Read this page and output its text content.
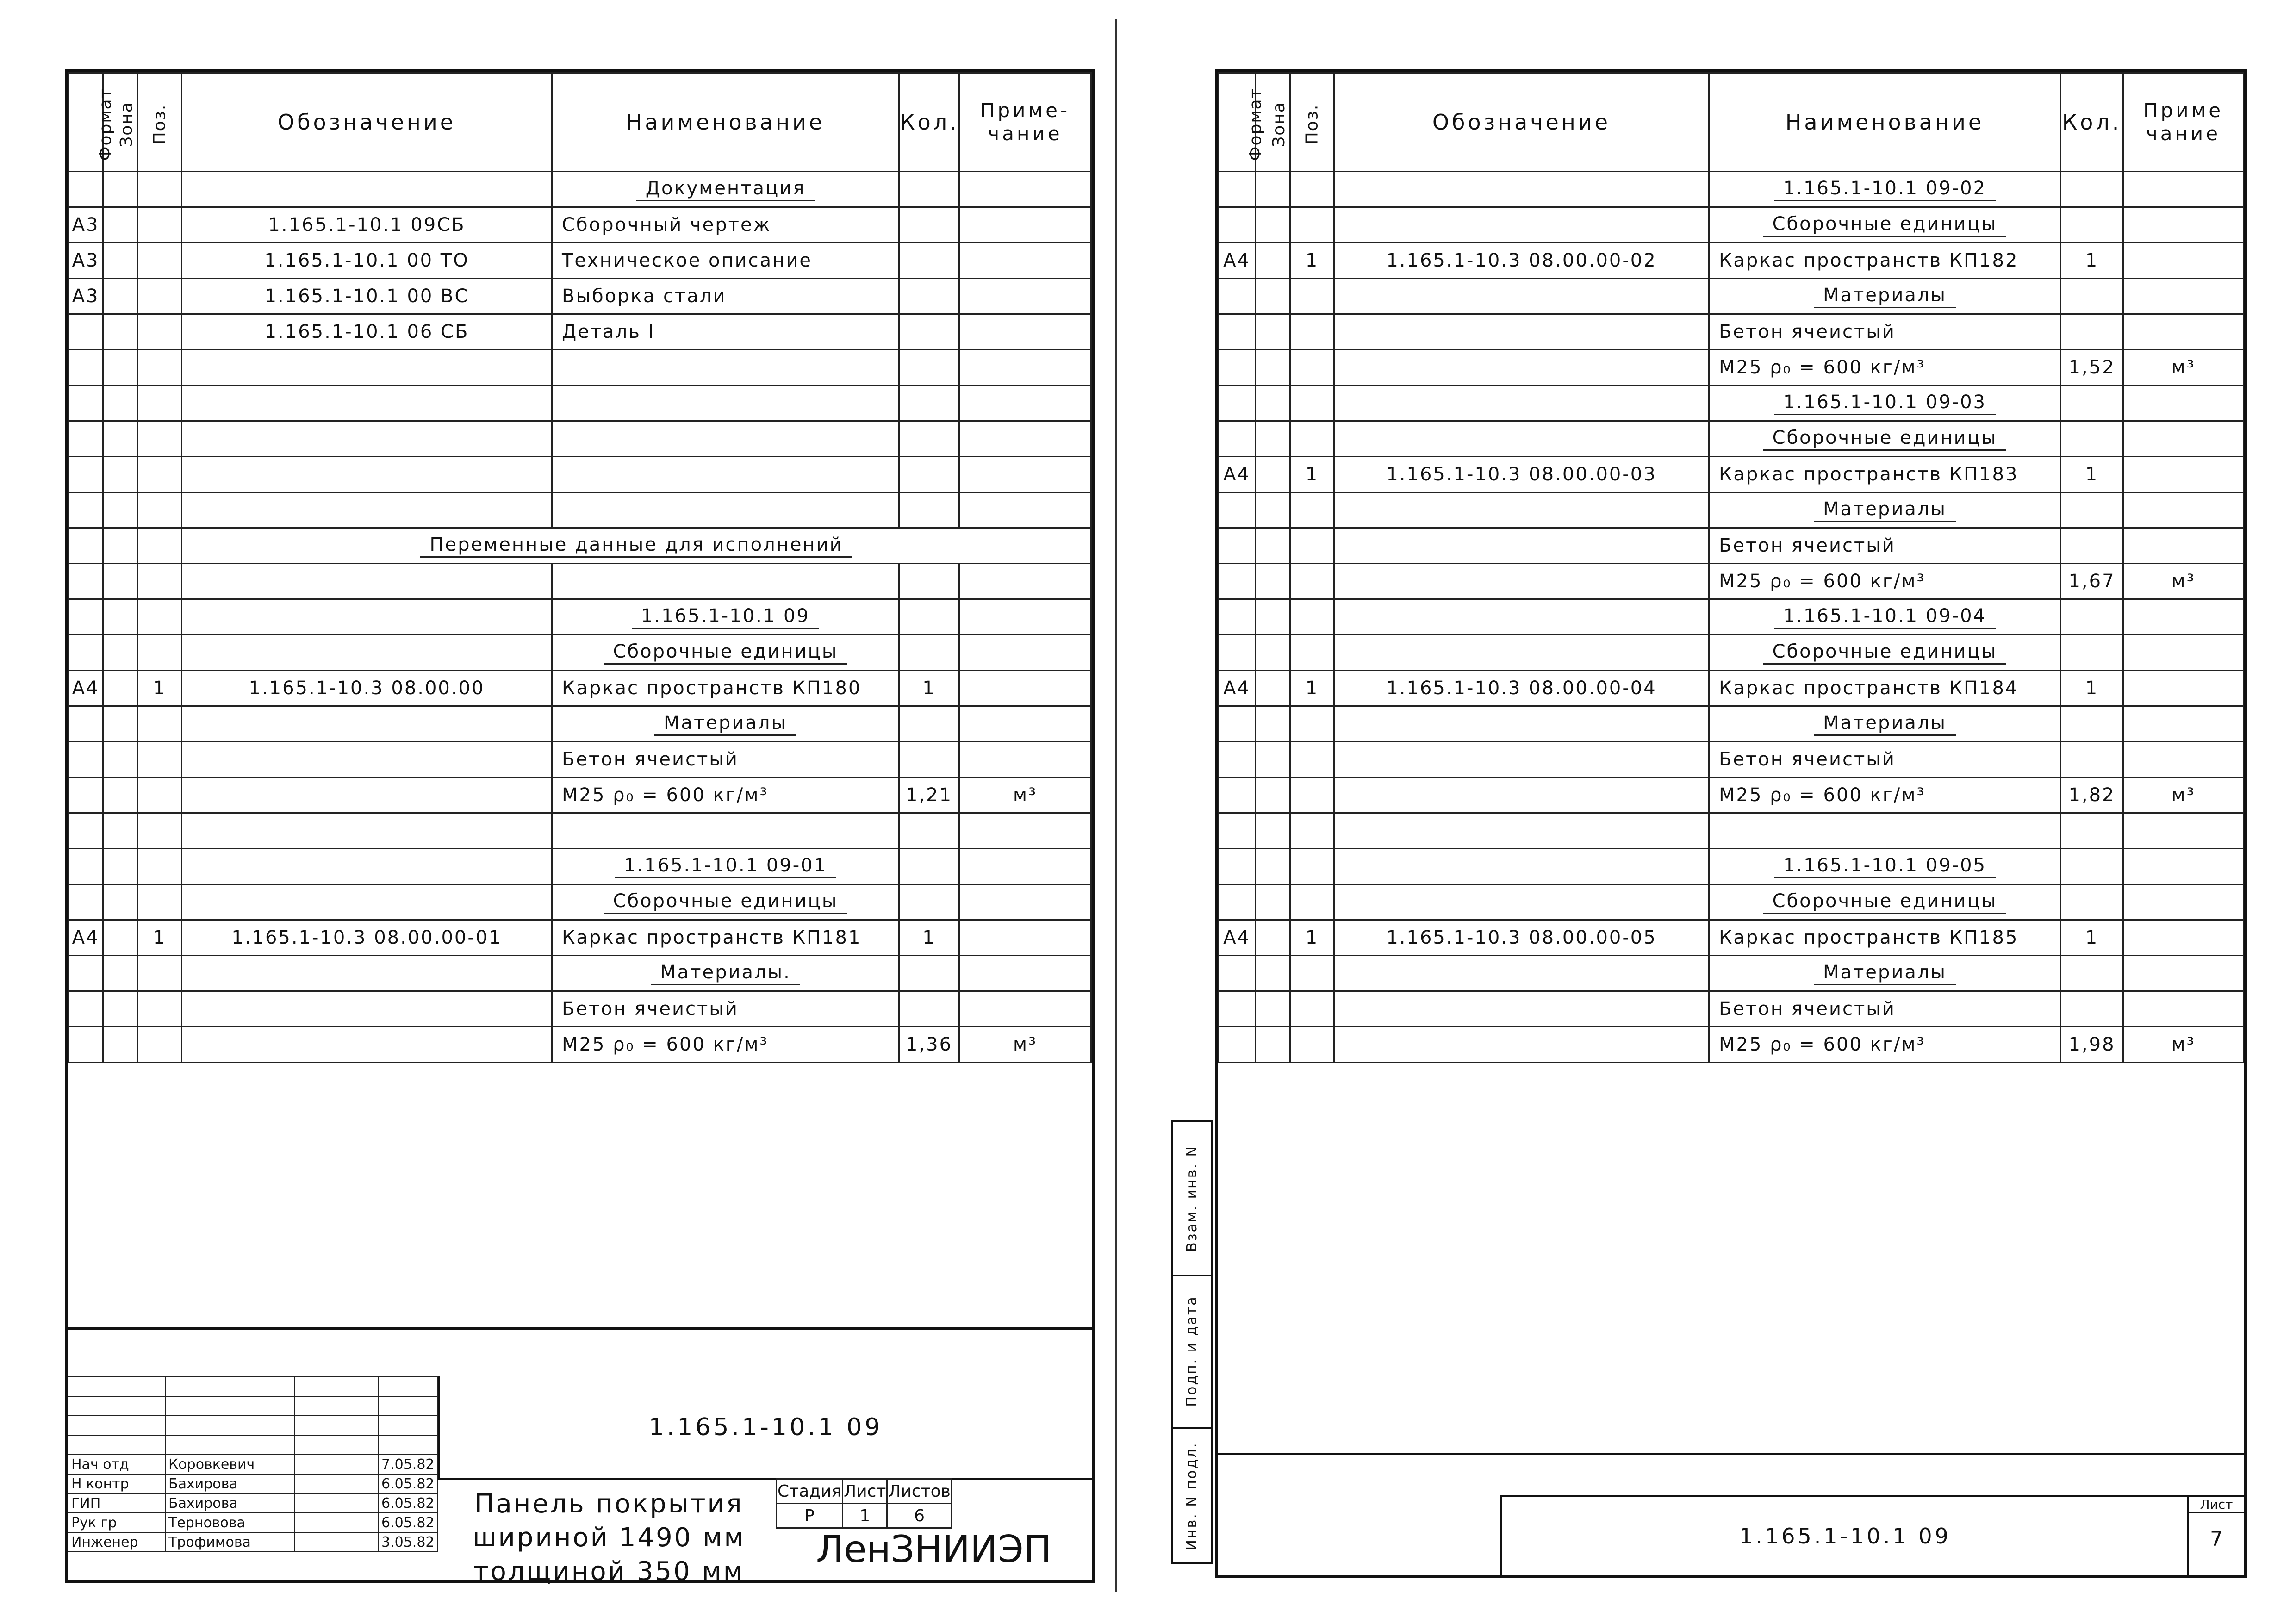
Формат	Зона	Поз.	Обозначение	Наименование	Кол.	Приме-
чание
				Документация		
А3			1.165.1-10.1 09СБ	Сборочный чертеж		
А3			1.165.1-10.1 00 ТО	Техническое описание		
А3			1.165.1-10.1 00 ВС	Выборка стали		
			1.165.1-10.1 06 СБ	Деталь I		

			Переменные данные для исполнений			

				1.165.1-10.1 09		
				Сборочные единицы		
А4		1	1.165.1-10.3 08.00.00	Каркас пространств КП180	1	
				Материалы		
				Бетон ячеистый		
				М25 ρ₀ = 600 кг/м³	1,21	м³

				1.165.1-10.1 09-01		
				Сборочные единицы		
А4		1	1.165.1-10.3 08.00.00-01	Каркас пространств КП181	1	
				Материалы.		
				Бетон ячеистый		
				М25 ρ₀ = 600 кг/м³	1,36	м³

Нач отд	Коровкевич		7.05.82
Н контр	Бахирова		6.05.82
ГИП	Бахирова		6.05.82
Рук гр	Терновова		6.05.82
Инженер	Трофимова		3.05.82
1.165.1-10.1 09
Панель покрытия
шириной 1490 мм
толщиной 350 мм
Стадия	Лист	Листов
Р	1	6
ЛенЗНИИЭП
Формат	Зона	Поз.	Обозначение	Наименование	Кол.	Приме
чание
				1.165.1-10.1 09-02		
				Сборочные единицы		
А4		1	1.165.1-10.3 08.00.00-02	Каркас пространств КП182	1	
				Материалы		
				Бетон ячеистый		
				М25 ρ₀ = 600 кг/м³	1,52	м³
				1.165.1-10.1 09-03		
				Сборочные единицы		
А4		1	1.165.1-10.3 08.00.00-03	Каркас пространств КП183	1	
				Материалы		
				Бетон ячеистый		
				М25 ρ₀ = 600 кг/м³	1,67	м³
				1.165.1-10.1 09-04		
				Сборочные единицы		
А4		1	1.165.1-10.3 08.00.00-04	Каркас пространств КП184	1	
				Материалы		
				Бетон ячеистый		
				М25 ρ₀ = 600 кг/м³	1,82	м³

				1.165.1-10.1 09-05		
				Сборочные единицы		
А4		1	1.165.1-10.3 08.00.00-05	Каркас пространств КП185	1	
				Материалы		
				Бетон ячеистый		
				М25 ρ₀ = 600 кг/м³	1,98	м³
1.165.1-10.1 09
Лист
7
Взам. инв. N
Подп. и дата
Инв. N подл.
